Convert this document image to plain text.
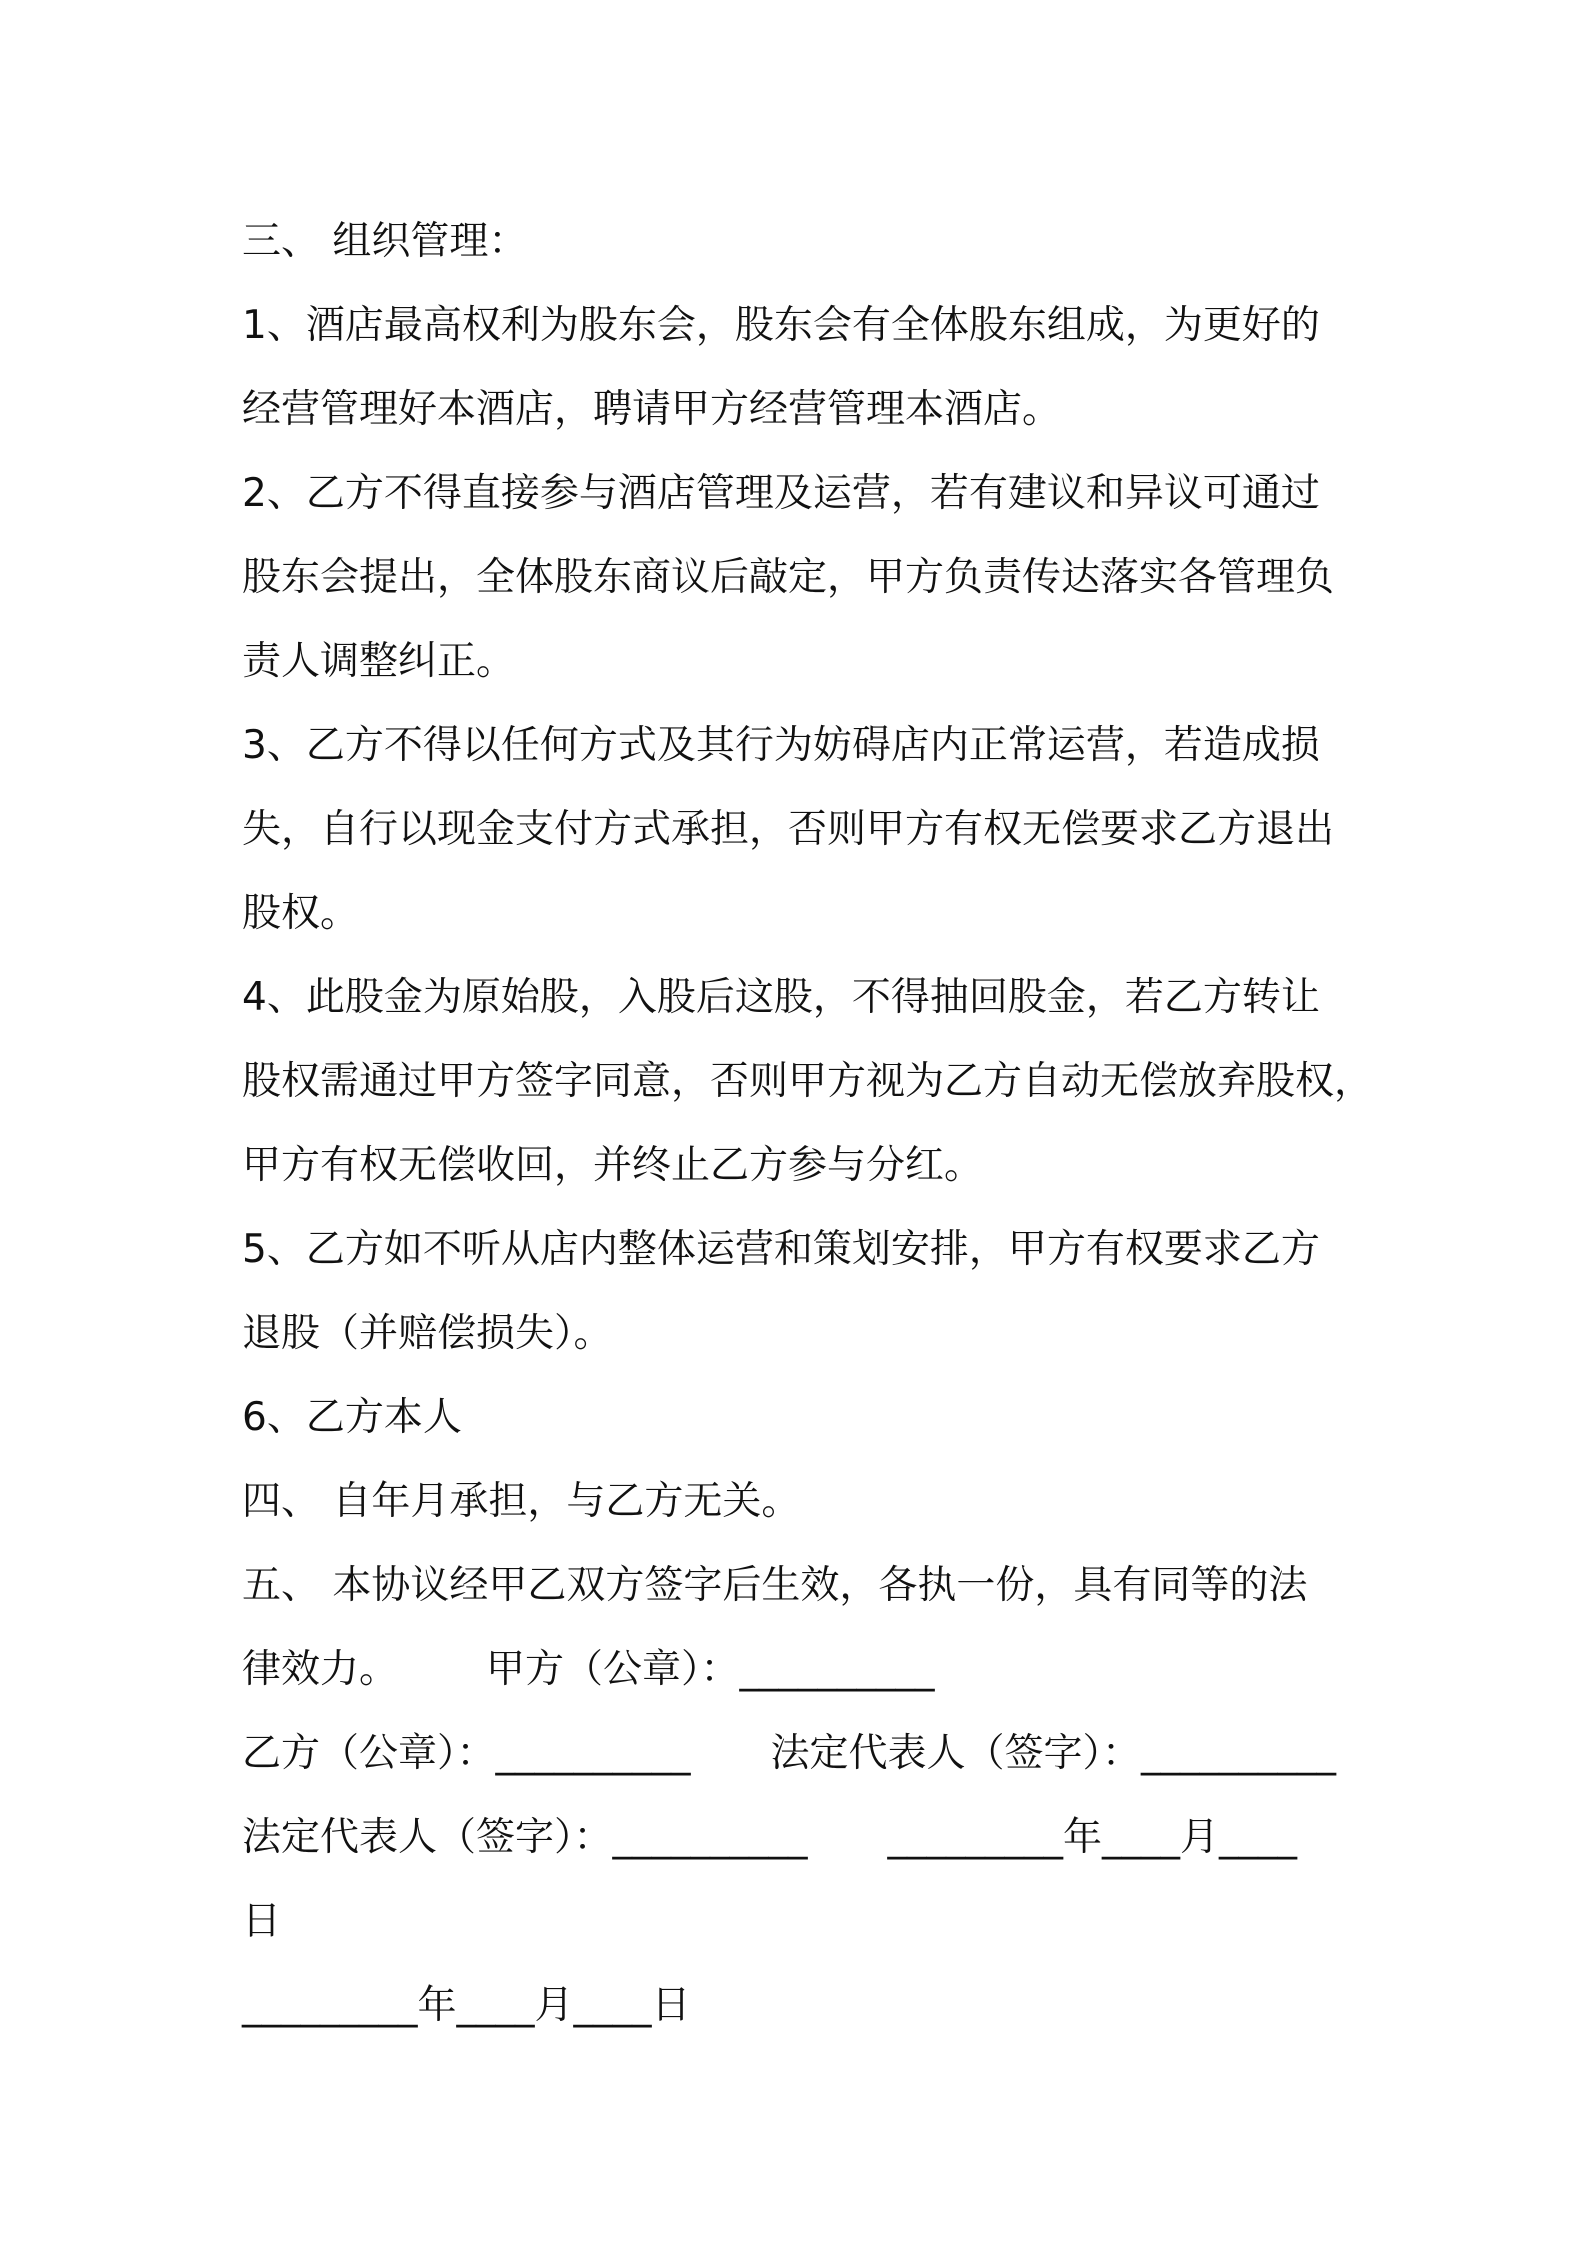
三、 组织管理：
1、酒店最高权利为股东会，股东会有全体股东组成，为更好的
经营管理好本酒店，聘请甲方经营管理本酒店。
2、乙方不得直接参与酒店管理及运营，若有建议和异议可通过
股东会提出，全体股东商议后敲定，甲方负责传达落实各管理负
责人调整纠正。
3、乙方不得以任何方式及其行为妨碍店内正常运营，若造成损
失，自行以现金支付方式承担，否则甲方有权无偿要求乙方退出
股权。
4、此股金为原始股，入股后这股，不得抽回股金，若乙方转让
股权需通过甲方签字同意，否则甲方视为乙方自动无偿放弃股权，
甲方有权无偿收回，并终止乙方参与分红。
5、乙方如不听从店内整体运营和策划安排，甲方有权要求乙方
退股（并赔偿损失）。
6、乙方本人
四、 自年月承担，与乙方无关。
五、 本协议经甲乙双方签字后生效，各执一份，具有同等的法
律效力。 甲方（公章）：__________
乙方（公章）：__________ 法定代表人（签字）：__________
法定代表人（签字）：__________ _________年____月____
日
_________年____月____日
